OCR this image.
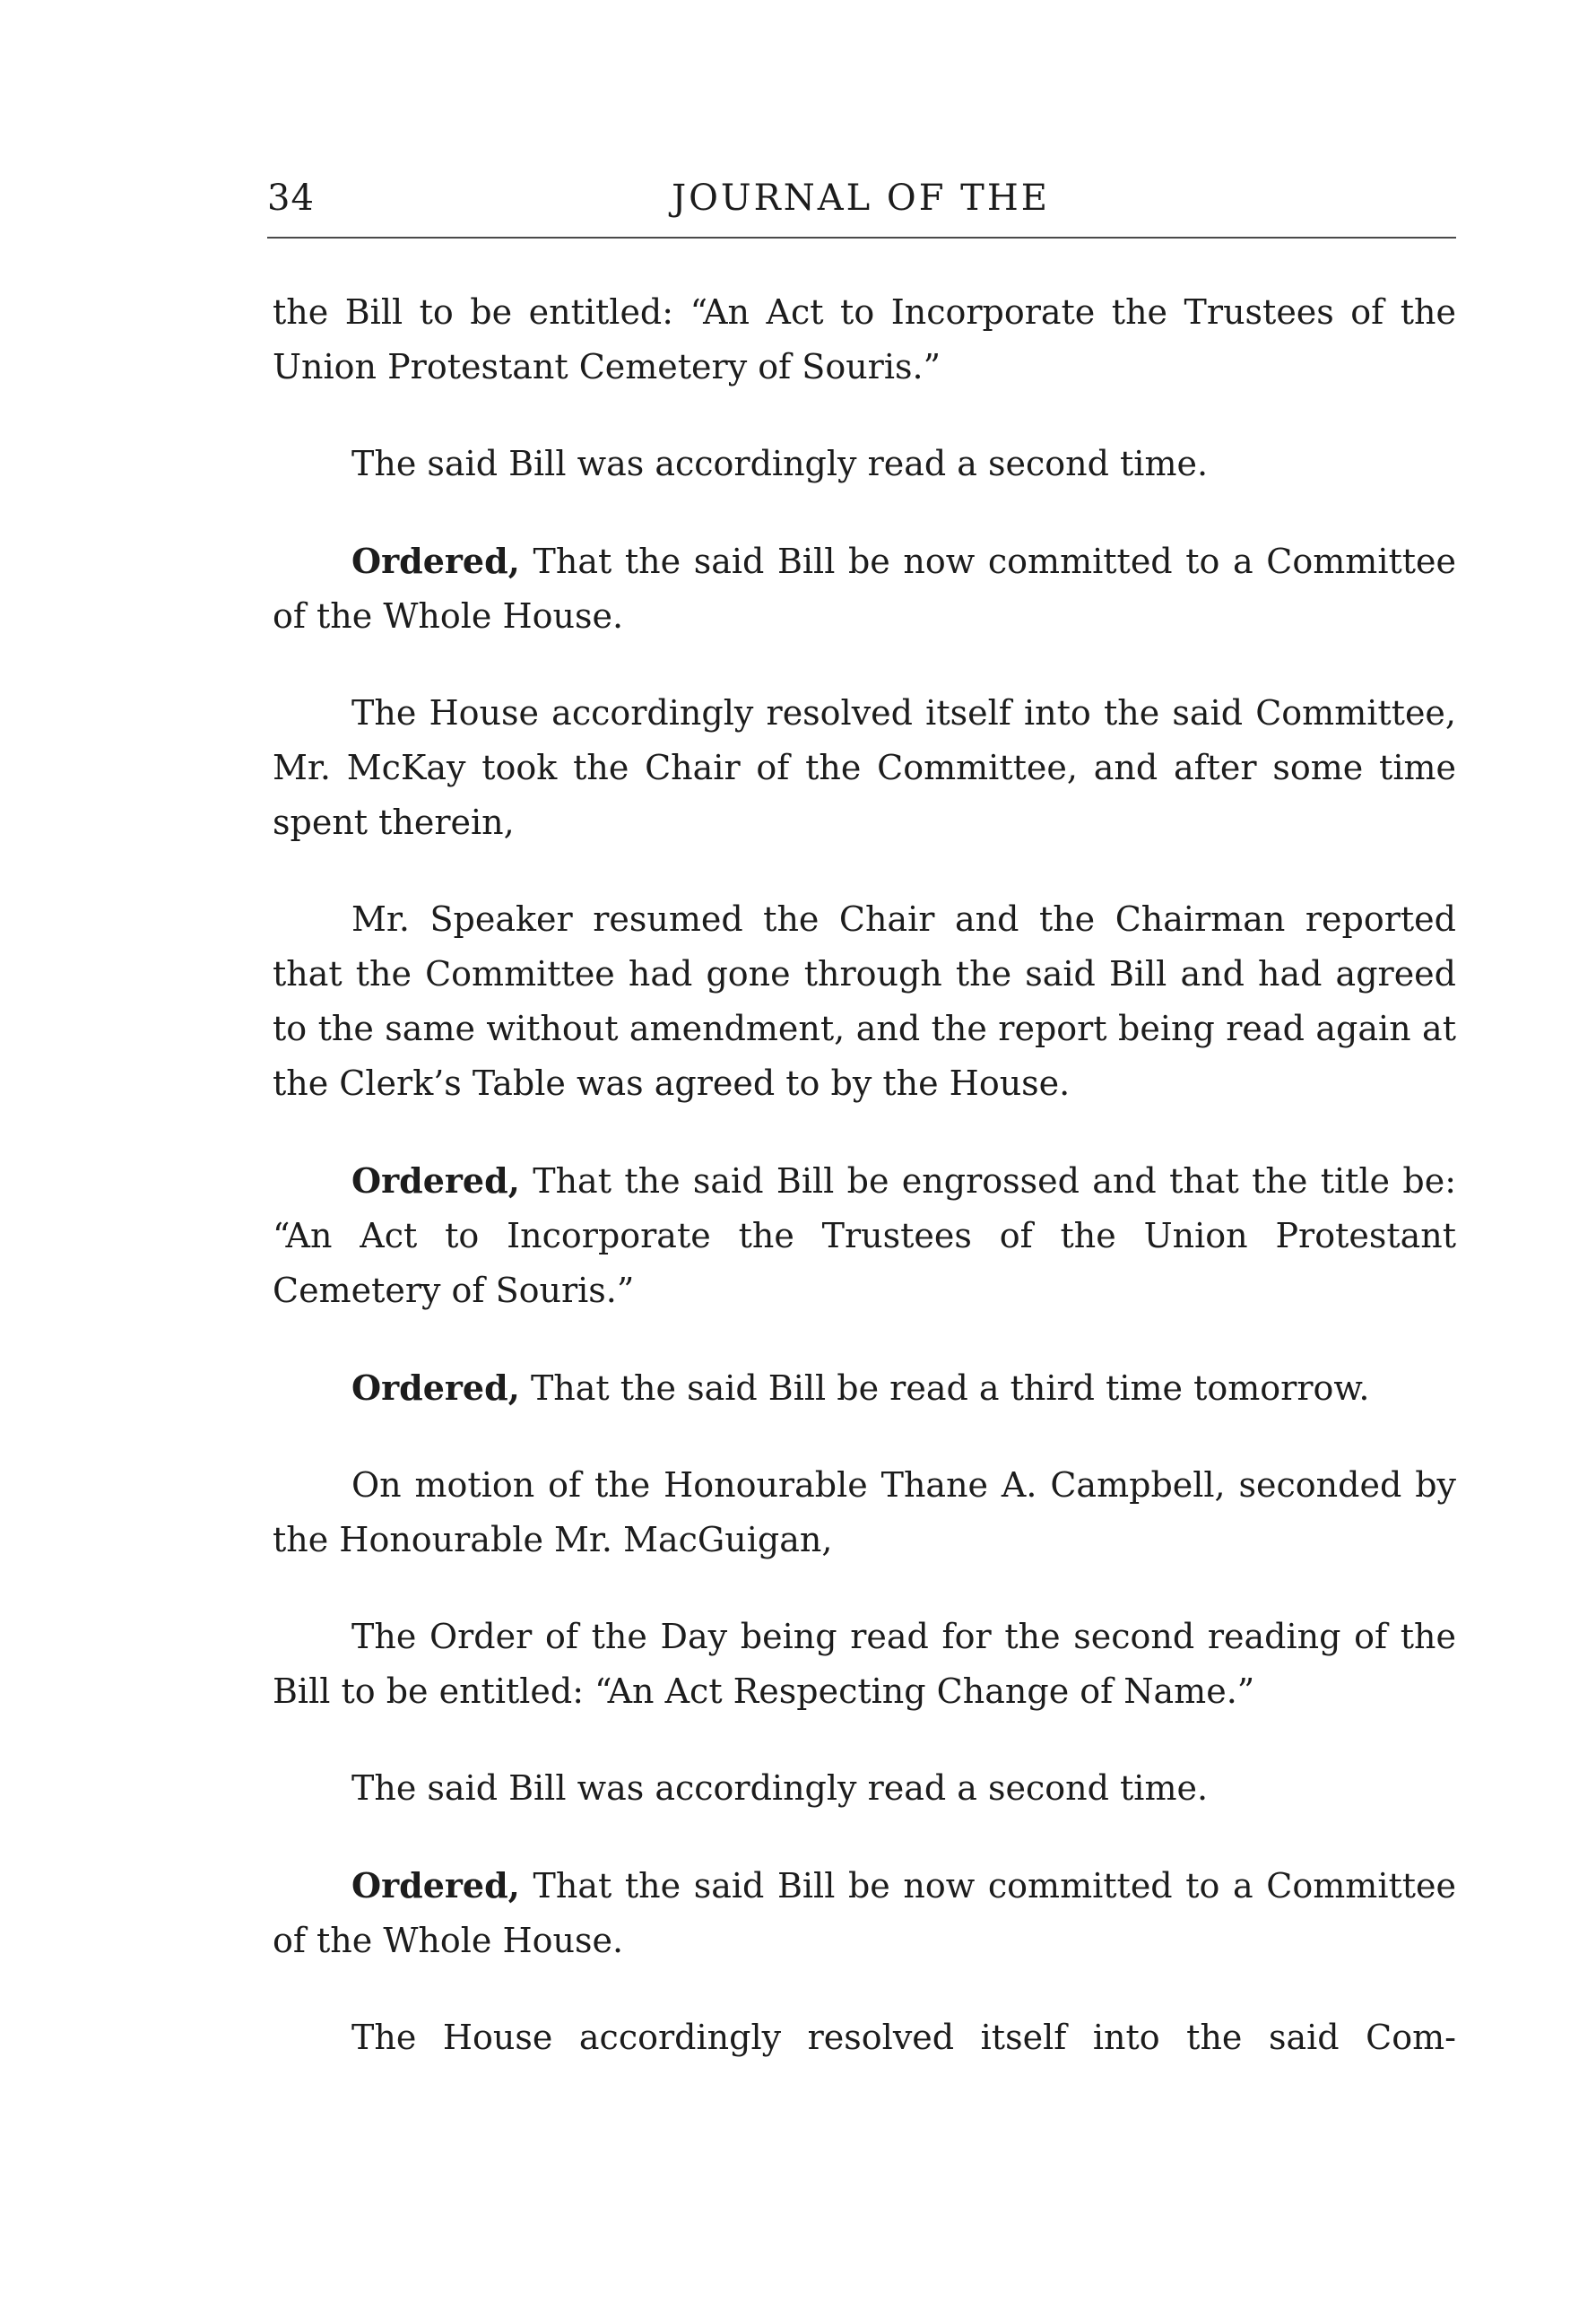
34	JOURNAL OF THE

the Bill to be entitled: “An Act to Incorporate the Trustees of the Union Protestant Cemetery of Souris.”

The said Bill was accordingly read a second time.

Ordered, That the said Bill be now committed to a Committee of the Whole House.

The House accordingly resolved itself into the said Committee, Mr. McKay took the Chair of the Committee, and after some time spent therein,

Mr. Speaker resumed the Chair and the Chairman reported that the Committee had gone through the said Bill and had agreed to the same without amendment, and the report being read again at the Clerk’s Table was agreed to by the House.

Ordered, That the said Bill be engrossed and that the title be: “An Act to Incorporate the Trustees of the Union Protestant Cemetery of Souris.”

Ordered, That the said Bill be read a third time tomorrow.

On motion of the Honourable Thane A. Campbell, seconded by the Honourable Mr. MacGuigan,

The Order of the Day being read for the second reading of the Bill to be entitled: “An Act Respecting Change of Name.”

The said Bill was accordingly read a second time.

Ordered, That the said Bill be now committed to a Committee of the Whole House.

The House accordingly resolved itself into the said Com-
